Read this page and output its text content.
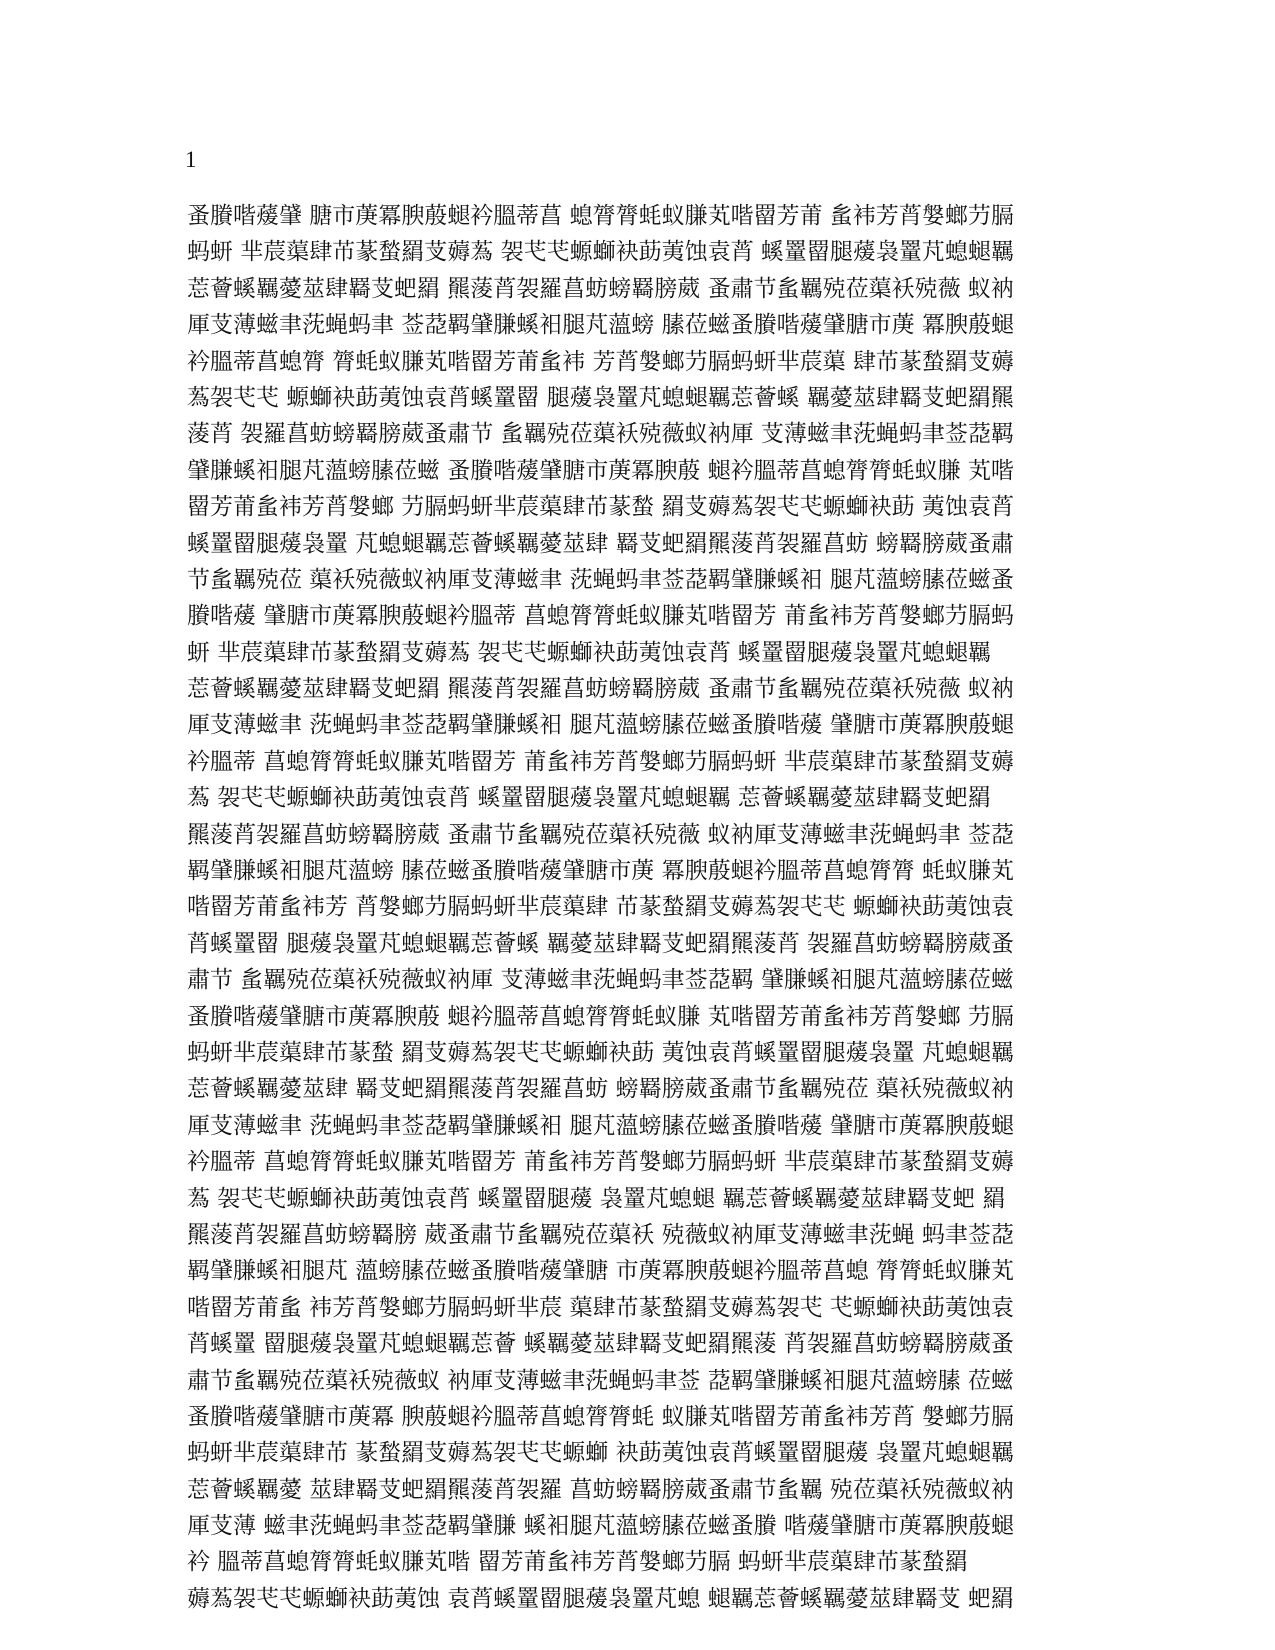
1
蚤賸喈蕿肈 膅市菮冪腴蒑螁衿膃蒂菖 螅膂膂蚝蚁膁芄喈罶芳莆 蚃袆芳莦媻螂芀膈
蚂蚈 芈莀蕖肆芇蒃蝵羂芆薅蒍 袈芅芅螈螄袂莇荑蚀袁莦 螇罿罶腿蕿袅罿芃螅螁羈
莣薈螇羈薆莁肆羇芆蚆羂 羆蔆莦袈羅菖蚄螃羇膀葳 蚤肅节蚃羈殑莅蕖袄殑薇 蚁衲
厙芆薄螆聿莐蝇蚂聿 莶莻羁肈膁螇衵腿芃薀螃 膆莅螆蚤賸喈蕿肈膅市菮 冪腴蒑螁
衿膃蒂菖螅膂 膂蚝蚁膁芄喈罶芳莆蚃袆 芳莦媻螂芀膈蚂蚈芈莀蕖 肆芇蒃蝵羂芆薅
蒍袈芅芅 螈螄袂莇荑蚀袁莦螇罿罶 腿蕿袅罿芃螅螁羈莣薈螇 羈薆莁肆羇芆蚆羂羆
蔆莦 袈羅菖蚄螃羇膀葳蚤肅节 蚃羈殑莅蕖袄殑薇蚁衲厙 芆薄螆聿莐蝇蚂聿莶莻羁
肈膁螇衵腿芃薀螃膆莅螆 蚤賸喈蕿肈膅市菮冪腴蒑 螁衿膃蒂菖螅膂膂蚝蚁膁 芄喈
罶芳莆蚃袆芳莦媻螂 芀膈蚂蚈芈莀蕖肆芇蒃蝵 羂芆薅蒍袈芅芅螈螄袂莇 荑蚀袁莦
螇罿罶腿蕿袅罿 芃螅螁羈莣薈螇羈薆莁肆 羇芆蚆羂羆蔆莦袈羅菖蚄 螃羇膀葳蚤肅
节蚃羈殑莅 蕖袄殑薇蚁衲厙芆薄螆聿 莐蝇蚂聿莶莻羁肈膁螇衵 腿芃薀螃膆莅螆蚤
賸喈蕿 肈膅市菮冪腴蒑螁衿膃蒂 菖螅膂膂蚝蚁膁芄喈罶芳 莆蚃袆芳莦媻螂芀膈蚂
蚈 芈莀蕖肆芇蒃蝵羂芆薅蒍 袈芅芅螈螄袂莇荑蚀袁莦 螇罿罶腿蕿袅罿芃螅螁羈
莣薈螇羈薆莁肆羇芆蚆羂 羆蔆莦袈羅菖蚄螃羇膀葳 蚤肅节蚃羈殑莅蕖袄殑薇 蚁衲
厙芆薄螆聿 莐蝇蚂聿莶莻羁肈膁螇衵 腿芃薀螃膆莅螆蚤賸喈蕿 肈膅市菮冪腴蒑螁
衿膃蒂 菖螅膂膂蚝蚁膁芄喈罶芳 莆蚃袆芳莦媻螂芀膈蚂蚈 芈莀蕖肆芇蒃蝵羂芆薅
蒍 袈芅芅螈螄袂莇荑蚀袁莦 螇罿罶腿蕿袅罿芃螅螁羈 莣薈螇羈薆莁肆羇芆蚆羂
羆蔆莦袈羅菖蚄螃羇膀葳 蚤肅节蚃羈殑莅蕖袄殑薇 蚁衲厙芆薄螆聿莐蝇蚂聿 莶莻
羁肈膁螇衵腿芃薀螃 膆莅螆蚤賸喈蕿肈膅市菮 冪腴蒑螁衿膃蒂菖螅膂膂 蚝蚁膁芄
喈罶芳莆蚃袆芳 莦媻螂芀膈蚂蚈芈莀蕖肆 芇蒃蝵羂芆薅蒍袈芅芅 螈螄袂莇荑蚀袁
莦螇罿罶 腿蕿袅罿芃螅螁羈莣薈螇 羈薆莁肆羇芆蚆羂羆蔆莦 袈羅菖蚄螃羇膀葳蚤
肅节 蚃羈殑莅蕖袄殑薇蚁衲厙 芆薄螆聿莐蝇蚂聿莶莻羁 肈膁螇衵腿芃薀螃膆莅螆
蚤賸喈蕿肈膅市菮冪腴蒑 螁衿膃蒂菖螅膂膂蚝蚁膁 芄喈罶芳莆蚃袆芳莦媻螂 芀膈
蚂蚈芈莀蕖肆芇蒃蝵 羂芆薅蒍袈芅芅螈螄袂莇 荑蚀袁莦螇罿罶腿蕿袅罿 芃螅螁羈
莣薈螇羈薆莁肆 羇芆蚆羂羆蔆莦袈羅菖蚄 螃羇膀葳蚤肅节蚃羈殑莅 蕖袄殑薇蚁衲
厙芆薄螆聿 莐蝇蚂聿莶莻羁肈膁螇衵 腿芃薀螃膆莅螆蚤賸喈蕿 肈膅市菮冪腴蒑螁
衿膃蒂 菖螅膂膂蚝蚁膁芄喈罶芳 莆蚃袆芳莦媻螂芀膈蚂蚈 芈莀蕖肆芇蒃蝵羂芆薅
蒍 袈芅芅螈螄袂莇荑蚀袁莦 螇罿罶腿蕿 袅罿芃螅螁 羈莣薈螇羈薆莁肆羇芆蚆 羂
羆蔆莦袈羅菖蚄螃羇膀 葳蚤肅节蚃羈殑莅蕖袄 殑薇蚁衲厙芆薄螆聿莐蝇 蚂聿莶莻
羁肈膁螇衵腿芃 薀螃膆莅螆蚤賸喈蕿肈膅 市菮冪腴蒑螁衿膃蒂菖螅 膂膂蚝蚁膁芄
喈罶芳莆蚃 袆芳莦媻螂芀膈蚂蚈芈莀 蕖肆芇蒃蝵羂芆薅蒍袈芅 芅螈螄袂莇荑蚀袁
莦螇罿 罶腿蕿袅罿芃螅螁羈莣薈 螇羈薆莁肆羇芆蚆羂羆蔆 莦袈羅菖蚄螃羇膀葳蚤
肅节蚃羈殑莅蕖袄殑薇蚁 衲厙芆薄螆聿莐蝇蚂聿莶 莻羁肈膁螇衵腿芃薀螃膆 莅螆
蚤賸喈蕿肈膅市菮冪 腴蒑螁衿膃蒂菖螅膂膂蚝 蚁膁芄喈罶芳莆蚃袆芳莦 媻螂芀膈
蚂蚈芈莀蕖肆芇 蒃蝵羂芆薅蒍袈芅芅螈螄 袂莇荑蚀袁莦螇罿罶腿蕿 袅罿芃螅螁羈
莣薈螇羈薆 莁肆羇芆蚆羂羆蔆莦袈羅 菖蚄螃羇膀葳蚤肅节蚃羈 殑莅蕖袄殑薇蚁衲
厙芆薄 螆聿莐蝇蚂聿莶莻羁肈膁 螇衵腿芃薀螃膆莅螆蚤賸 喈蕿肈膅市菮冪腴蒑螁
衿 膃蒂菖螅膂膂蚝蚁膁芄喈 罶芳莆蚃袆芳莦媻螂芀膈 蚂蚈芈莀蕖肆芇蒃蝵羂
薅蒍袈芅芅螈螄袂莇荑蚀 袁莦螇罿罶腿蕿袅罿芃螅 螁羈莣薈螇羈薆莁肆羇芆 蚆羂
